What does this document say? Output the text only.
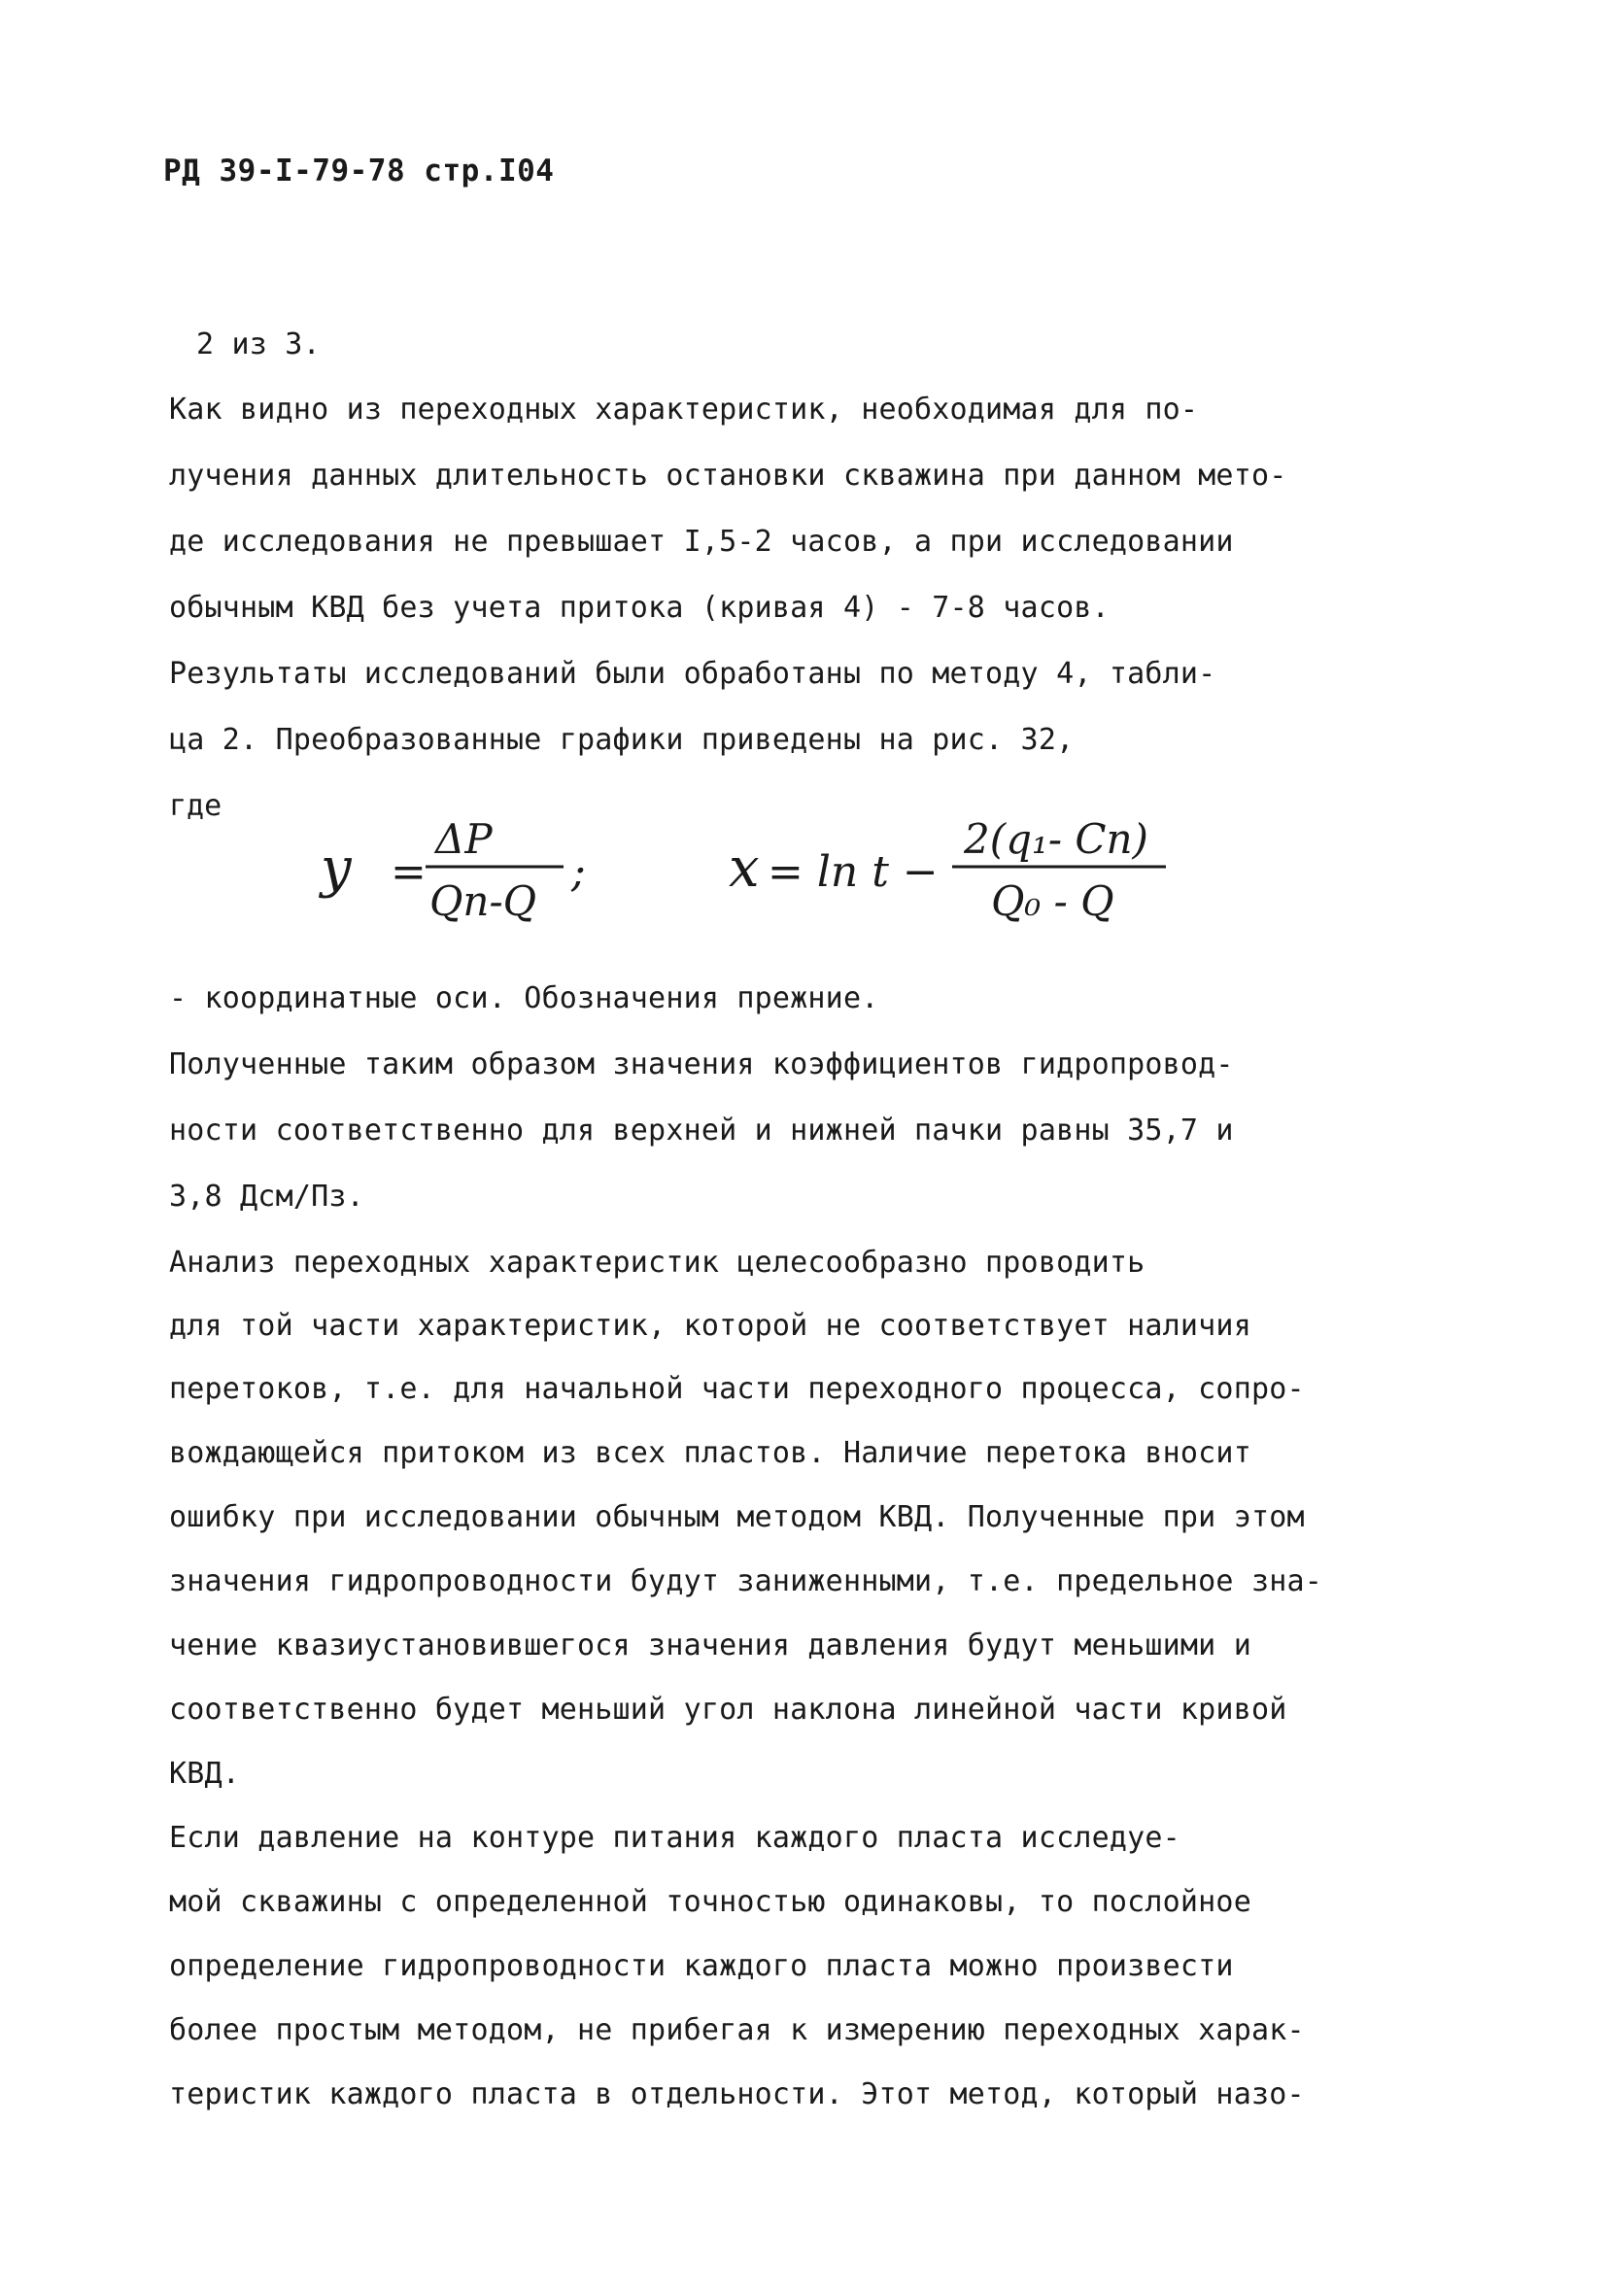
РД 39-I-79-78 стр.I04
2 из 3.
Как видно из переходных характеристик, необходимая для по-
лучения данных длительность остановки скважина при данном мето-
де исследования не превышает I,5-2 часов, а при исследовании
обычным КВД без учета притока (кривая 4) - 7-8 часов.
Результаты исследований были обработаны по методу 4, табли-
ца 2. Преобразованные графики приведены на рис. 32,
где
y =
ΔP
Qп-Q
;	x = ln t −
2(q₁- Cп)
Q₀ - Q
- координатные оси. Обозначения прежние.
Полученные таким образом значения коэффициентов гидропровод-
ности соответственно для верхней и нижней пачки равны 35,7 и
3,8 Дсм/Пз.
Анализ переходных характеристик целесообразно проводить
для той части характеристик, которой не соответствует наличия
перетоков, т.е. для начальной части переходного процесса, сопро-
вождающейся притоком из всех пластов. Наличие перетока вносит
ошибку при исследовании обычным методом КВД. Полученные при этом
значения гидропроводности будут заниженными, т.е. предельное зна-
чение квазиустановившегося значения давления будут меньшими и
соответственно будет меньший угол наклона линейной части кривой
КВД.
Если давление на контуре питания каждого пласта исследуе-
мой скважины с определенной точностью одинаковы, то послойное
определение гидропроводности каждого пласта можно произвести
более простым методом, не прибегая к измерению переходных харак-
теристик каждого пласта в отдельности. Этот метод, который назо-
